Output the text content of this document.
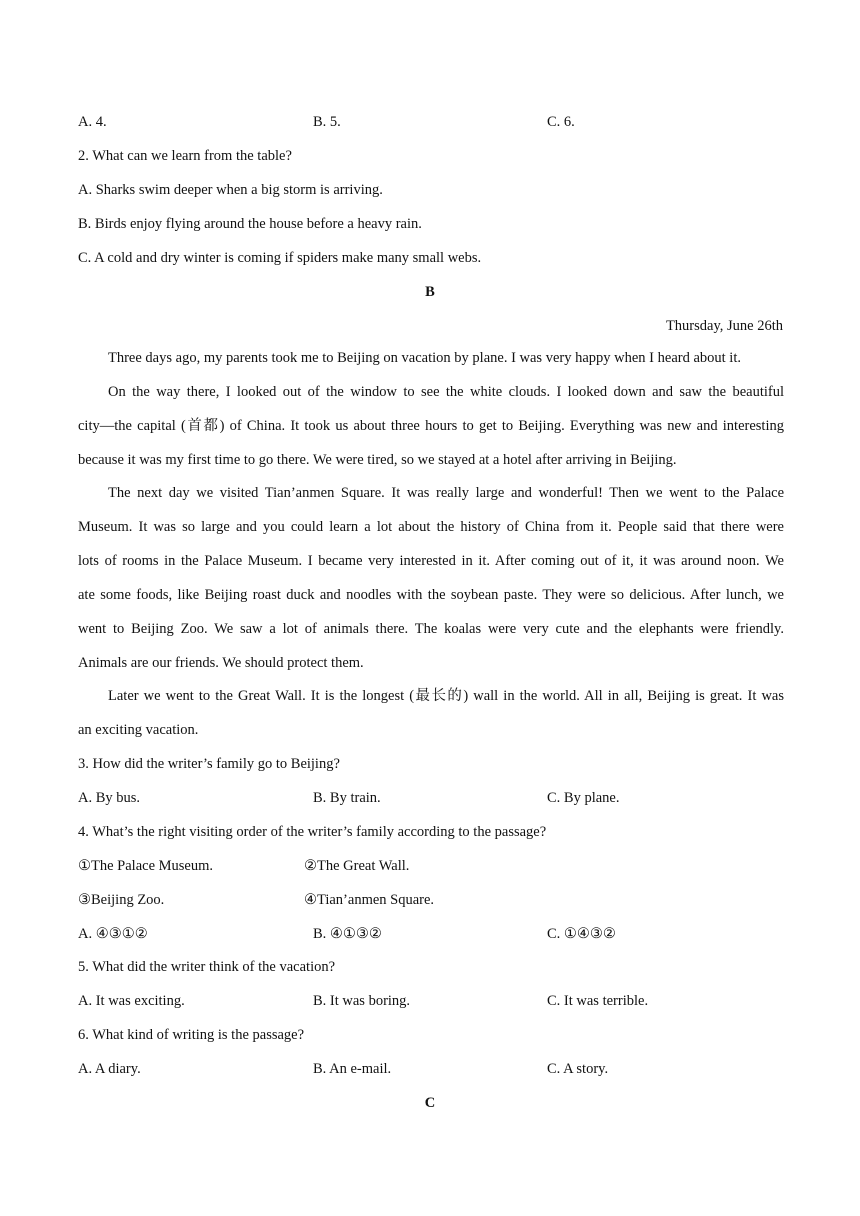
A. 4.	B. 5.	C. 6.
2. What can we learn from the table?
A. Sharks swim deeper when a big storm is arriving.
B. Birds enjoy flying around the house before a heavy rain.
C. A cold and dry winter is coming if spiders make many small webs.
B
Thursday, June 26th
Three days ago, my parents took me to Beijing on vacation by plane. I was very happy when I heard about it.
On the way there, I looked out of the window to see the white clouds. I looked down and saw the beautiful
city—the capital (首都) of China. It took us about three hours to get to Beijing. Everything was new and interesting
because it was my first time to go there. We were tired, so we stayed at a hotel after arriving in Beijing.
The next day we visited Tian’anmen Square. It was really large and wonderful! Then we went to the Palace
Museum. It was so large and you could learn a lot about the history of China from it. People said that there were
lots of rooms in the Palace Museum. I became very interested in it. After coming out of it, it was around noon. We
ate some foods, like Beijing roast duck and noodles with the soybean paste. They were so delicious. After lunch, we
went to Beijing Zoo. We saw a lot of animals there. The koalas were very cute and the elephants were friendly.
Animals are our friends. We should protect them.
Later we went to the Great Wall. It is the longest (最长的) wall in the world. All in all, Beijing is great. It was
an exciting vacation.
3. How did the writer’s family go to Beijing?
A. By bus.	B. By train.	C. By plane.
4. What’s the right visiting order of the writer’s family according to the passage?
①The Palace Museum.	②The Great Wall.
③Beijing Zoo.	④Tian’anmen Square.
A. ④③①②	B. ④①③②	C. ①④③②
5. What did the writer think of the vacation?
A. It was exciting.	B. It was boring.	C. It was terrible.
6. What kind of writing is the passage?
A. A diary.	B. An e-mail.	C. A story.
C
